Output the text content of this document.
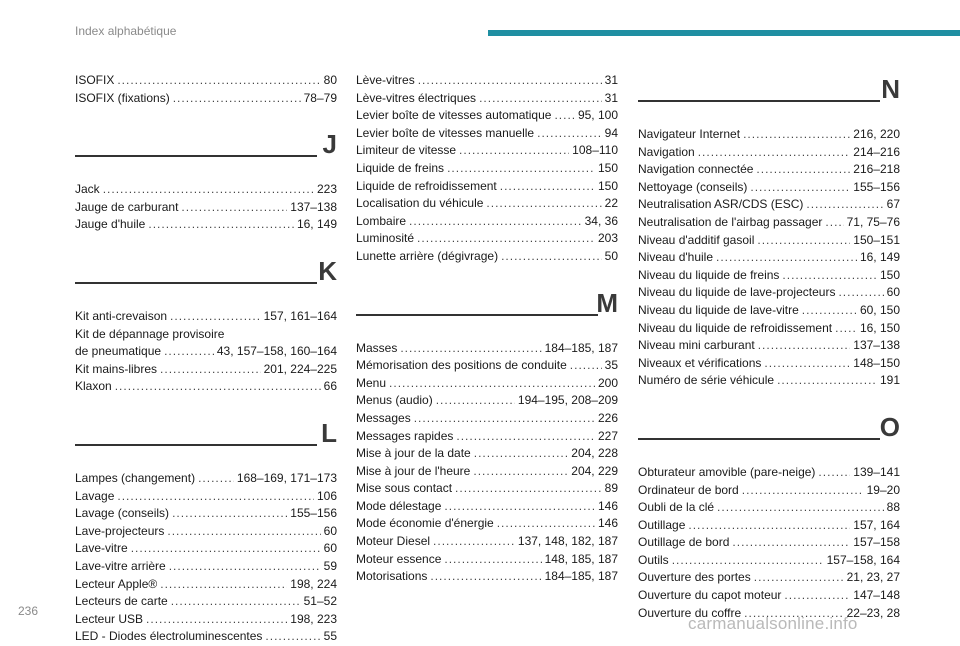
Index alphabétique
ISOFIX .....	80
ISOFIX (fixations) .....	78–79
J
Jack .....	223
Jauge de carburant .....	137–138
Jauge d'huile .....	16, 149
K
Kit anti-crevaison .....	157, 161–164
Kit de dépannage provisoire
de pneumatique .....	43, 157–158, 160–164
Kit mains-libres .....	201, 224–225
Klaxon .....	66
L
Lampes (changement) .....	168–169, 171–173
Lavage .....	106
Lavage (conseils) .....	155–156
Lave-projecteurs .....	60
Lave-vitre .....	60
Lave-vitre arrière .....	59
Lecteur Apple® .....	198, 224
Lecteurs de carte .....	51–52
Lecteur USB .....	198, 223
LED - Diodes électroluminescentes .....	55
Lève-vitres .....	31
Lève-vitres électriques .....	31
Levier boîte de vitesses automatique ..... 95, 100
Levier boîte de vitesses manuelle .....	94
Limiteur de vitesse .....	108–110
Liquide de freins .....	150
Liquide de refroidissement .....	150
Localisation du véhicule .....	22
Lombaire .....	34, 36
Luminosité .....	203
Lunette arrière (dégivrage) .....	50
M
Masses .....	184–185, 187
Mémorisation des positions de conduite .....	35
Menu .....	200
Menus (audio) .....	194–195, 208–209
Messages .....	226
Messages rapides .....	227
Mise à jour de la date .....	204, 228
Mise à jour de l'heure .....	204, 229
Mise sous contact .....	89
Mode délestage .....	146
Mode économie d'énergie .....	146
Moteur Diesel .....	137, 148, 182, 187
Moteur essence .....	148, 185, 187
Motorisations .....	184–185, 187
N
Navigateur Internet .....	216, 220
Navigation .....	214–216
Navigation connectée .....	216–218
Nettoyage (conseils) .....	155–156
Neutralisation ASR/CDS (ESC) .....	67
Neutralisation de l'airbag passager ..... 71, 75–76
Niveau d'additif gasoil .....	150–151
Niveau d'huile .....	16, 149
Niveau du liquide de freins .....	150
Niveau du liquide de lave-projecteurs .....	60
Niveau du liquide de lave-vitre .....	60, 150
Niveau du liquide de refroidissement ..... 16, 150
Niveau mini carburant .....	137–138
Niveaux et vérifications .....	148–150
Numéro de série véhicule .....	191
O
Obturateur amovible (pare-neige) .....	139–141
Ordinateur de bord .....	19–20
Oubli de la clé .....	88
Outillage .....	157, 164
Outillage de bord .....	157–158
Outils .....	157–158, 164
Ouverture des portes .....	21, 23, 27
Ouverture du capot moteur .....	147–148
Ouverture du coffre .....	22–23, 28
236
carmanualsonline.info
